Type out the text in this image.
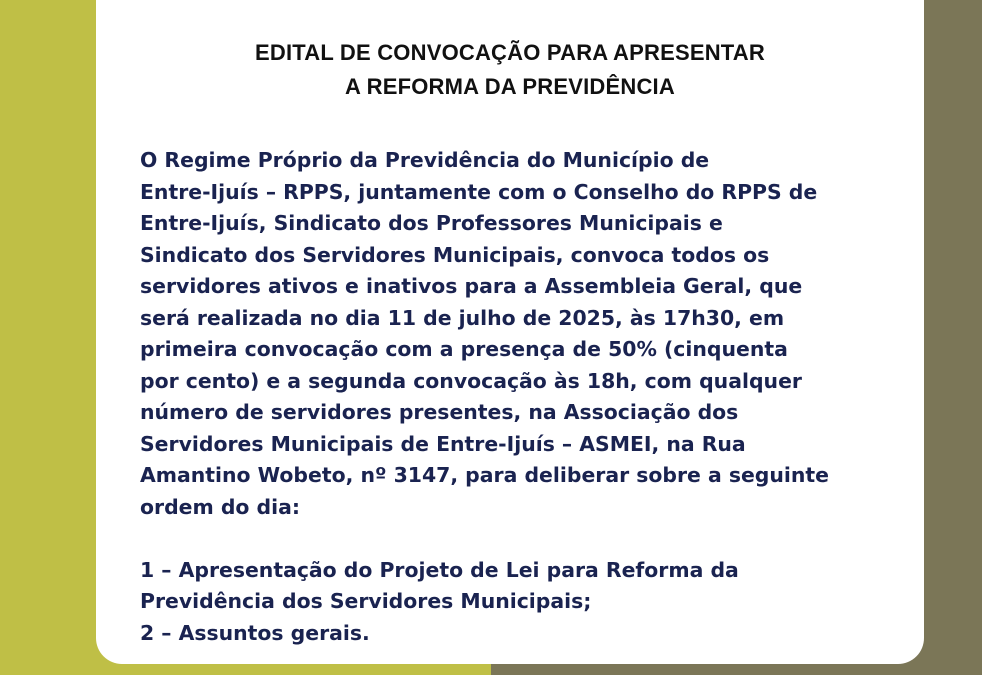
EDITAL DE CONVOCAÇÃO PARA APRESENTAR
A REFORMA DA PREVIDÊNCIA
O Regime Próprio da Previdência do Município de
Entre-Ijuís – RPPS, juntamente com o Conselho do RPPS de
Entre-Ijuís, Sindicato dos Professores Municipais e
Sindicato dos Servidores Municipais, convoca todos os
servidores ativos e inativos para a Assembleia Geral, que
será realizada no dia 11 de julho de 2025, às 17h30, em
primeira convocação com a presença de 50% (cinquenta
por cento) e a segunda convocação às 18h, com qualquer
número de servidores presentes, na Associação dos
Servidores Municipais de Entre-Ijuís – ASMEI, na Rua
Amantino Wobeto, nº 3147, para deliberar sobre a seguinte
ordem do dia:
1 – Apresentação do Projeto de Lei para Reforma da
Previdência dos Servidores Municipais;
2 – Assuntos gerais.
